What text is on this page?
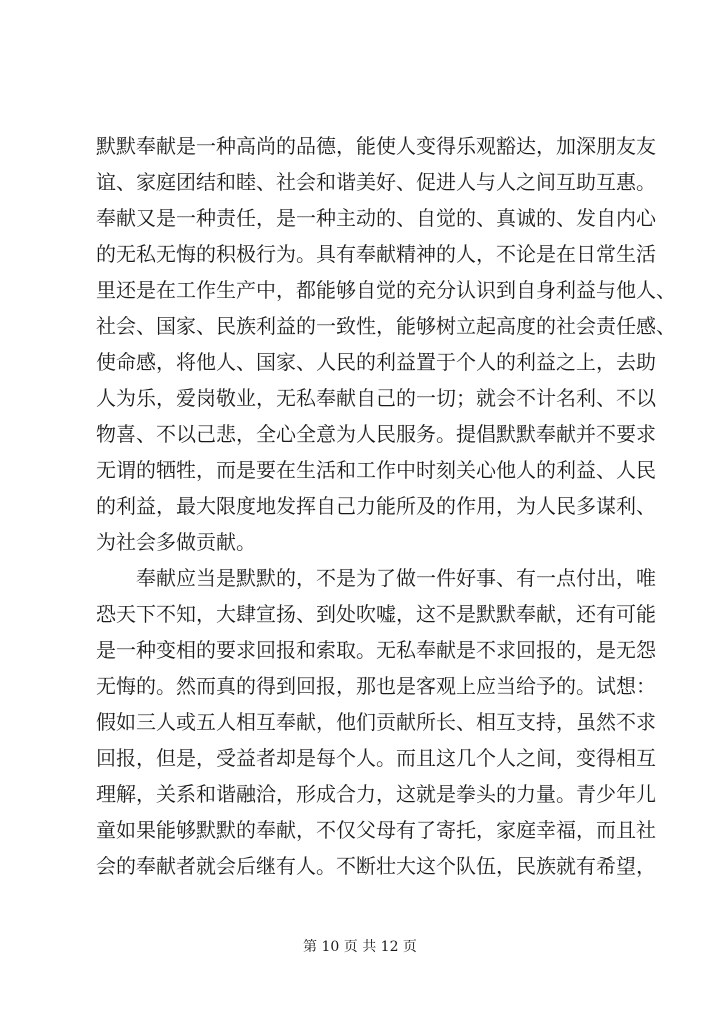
默默奉献是一种高尚的品德，能使人变得乐观豁达，加深朋友友
谊、家庭团结和睦、社会和谐美好、促进人与人之间互助互惠。
奉献又是一种责任，是一种主动的、自觉的、真诚的、发自内心
的无私无悔的积极行为。具有奉献精神的人，不论是在日常生活
里还是在工作生产中，都能够自觉的充分认识到自身利益与他人、
社会、国家、民族利益的一致性，能够树立起高度的社会责任感、
使命感，将他人、国家、人民的利益置于个人的利益之上，去助
人为乐，爱岗敬业，无私奉献自己的一切；就会不计名利、不以
物喜、不以己悲，全心全意为人民服务。提倡默默奉献并不要求
无谓的牺牲，而是要在生活和工作中时刻关心他人的利益、人民
的利益，最大限度地发挥自己力能所及的作用，为人民多谋利、
为社会多做贡献。
奉献应当是默默的，不是为了做一件好事、有一点付出，唯
恐天下不知，大肆宣扬、到处吹嘘，这不是默默奉献，还有可能
是一种变相的要求回报和索取。无私奉献是不求回报的，是无怨
无悔的。然而真的得到回报，那也是客观上应当给予的。试想：
假如三人或五人相互奉献，他们贡献所长、相互支持，虽然不求
回报，但是，受益者却是每个人。而且这几个人之间，变得相互
理解，关系和谐融洽，形成合力，这就是拳头的力量。青少年儿
童如果能够默默的奉献，不仅父母有了寄托，家庭幸福，而且社
会的奉献者就会后继有人。不断壮大这个队伍，民族就有希望，
第 10 页 共 12 页
